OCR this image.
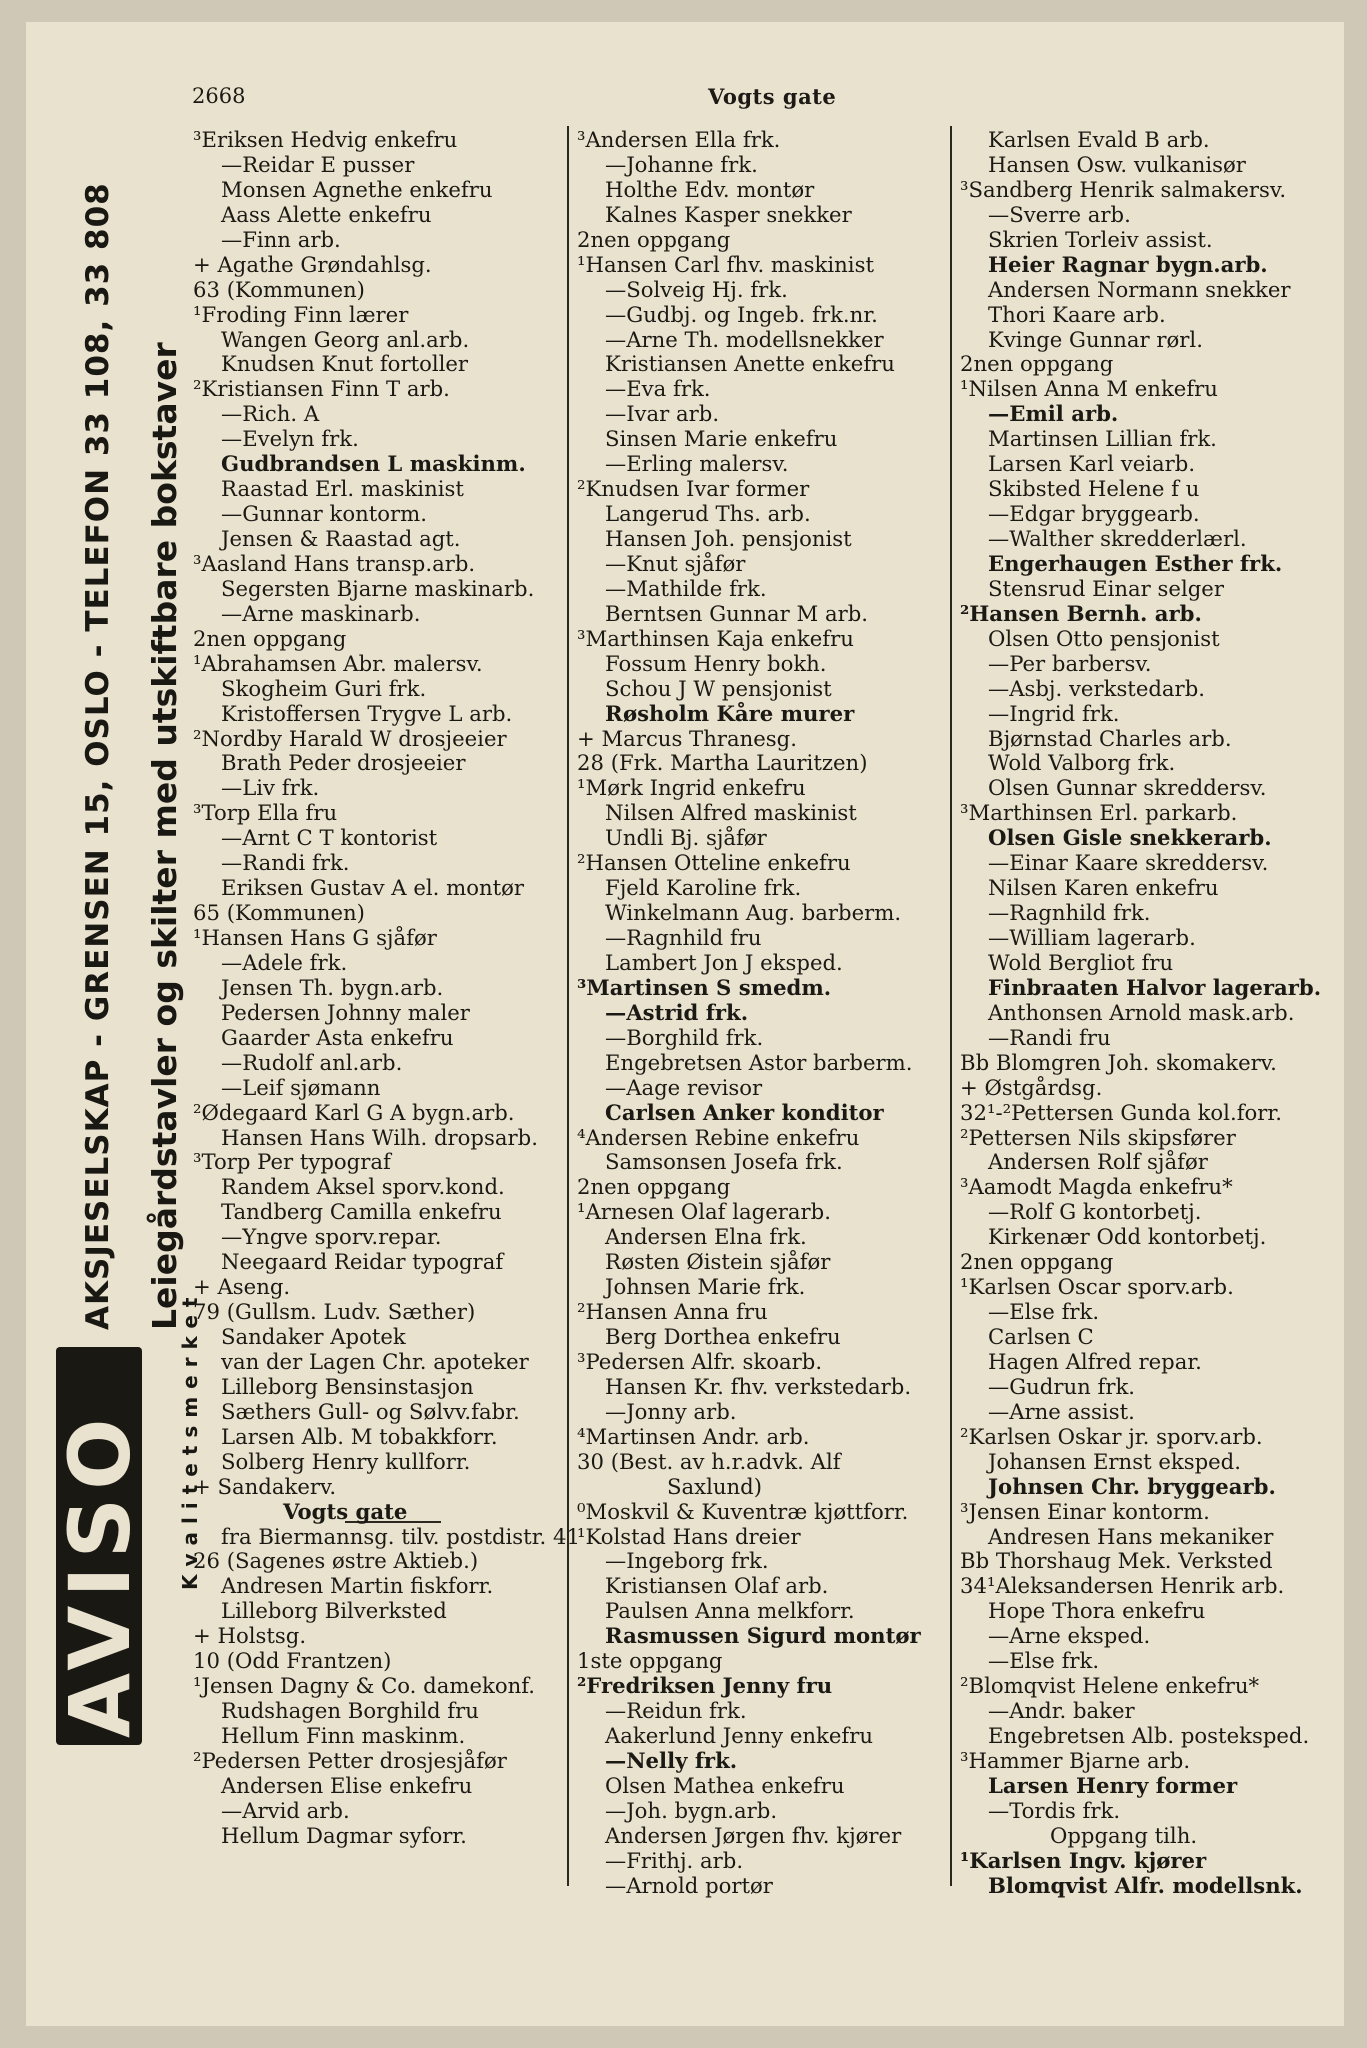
2668	Vogts gate
AKSJESELSKAP - GRENSEN 15, OSLO - TELEFON 33 108, 33 808 Leiegårdstavler og skilter med utskiftbare bokstaver
Kvalitetsmerket
AVISO
³Eriksen Hedvig enkefru
—Reidar E pusser
Monsen Agnethe enkefru
Aass Alette enkefru
—Finn arb.
+ Agathe Grøndahlsg.
63 (Kommunen)
¹Froding Finn lærer
Wangen Georg anl.arb.
Knudsen Knut fortoller
²Kristiansen Finn T arb.
—Rich. A
—Evelyn frk.
Gudbrandsen L maskinm.
Raastad Erl. maskinist
—Gunnar kontorm.
Jensen & Raastad agt.
³Aasland Hans transp.arb.
Segersten Bjarne maskinarb.
—Arne maskinarb.
2nen oppgang
¹Abrahamsen Abr. malersv.
Skogheim Guri frk.
Kristoffersen Trygve L arb.
²Nordby Harald W drosjeeier
Brath Peder drosjeeier
—Liv frk.
³Torp Ella fru
—Arnt C T kontorist
—Randi frk.
Eriksen Gustav A el. montør
65 (Kommunen)
¹Hansen Hans G sjåfør
—Adele frk.
Jensen Th. bygn.arb.
Pedersen Johnny maler
Gaarder Asta enkefru
—Rudolf anl.arb.
—Leif sjømann
²Ødegaard Karl G A bygn.arb.
Hansen Hans Wilh. dropsarb.
³Torp Per typograf
Randem Aksel sporv.kond.
Tandberg Camilla enkefru
—Yngve sporv.repar.
Neegaard Reidar typograf
+ Aseng.
79 (Gullsm. Ludv. Sæther)
Sandaker Apotek
van der Lagen Chr. apoteker
Lilleborg Bensinstasjon
Sæthers Gull- og Sølvv.fabr.
Larsen Alb. M tobakkforr.
Solberg Henry kullforr.
+ Sandakerv.
Vogts gate
fra Biermannsg. tilv. postdistr. 41
26 (Sagenes østre Aktieb.)
Andresen Martin fiskforr.
Lilleborg Bilverksted
+ Holstsg.
10 (Odd Frantzen)
¹Jensen Dagny & Co. damekonf.
Rudshagen Borghild fru
Hellum Finn maskinm.
²Pedersen Petter drosjesjåfør
Andersen Elise enkefru
—Arvid arb.
Hellum Dagmar syforr.
³Andersen Ella frk.
—Johanne frk.
Holthe Edv. montør
Kalnes Kasper snekker
2nen oppgang
¹Hansen Carl fhv. maskinist
—Solveig Hj. frk.
—Gudbj. og Ingeb. frk.nr.
—Arne Th. modellsnekker
Kristiansen Anette enkefru
—Eva frk.
—Ivar arb.
Sinsen Marie enkefru
—Erling malersv.
²Knudsen Ivar former
Langerud Ths. arb.
Hansen Joh. pensjonist
—Knut sjåfør
—Mathilde frk.
Berntsen Gunnar M arb.
³Marthinsen Kaja enkefru
Fossum Henry bokh.
Schou J W pensjonist
Røsholm Kåre murer
+ Marcus Thranesg.
28 (Frk. Martha Lauritzen)
¹Mørk Ingrid enkefru
Nilsen Alfred maskinist
Undli Bj. sjåfør
²Hansen Otteline enkefru
Fjeld Karoline frk.
Winkelmann Aug. barberm.
—Ragnhild fru
Lambert Jon J eksped.
³Martinsen S smedm.
—Astrid frk.
—Borghild frk.
Engebretsen Astor barberm.
—Aage revisor
Carlsen Anker konditor
⁴Andersen Rebine enkefru
Samsonsen Josefa frk.
2nen oppgang
¹Arnesen Olaf lagerarb.
Andersen Elna frk.
Røsten Øistein sjåfør
Johnsen Marie frk.
²Hansen Anna fru
Berg Dorthea enkefru
³Pedersen Alfr. skoarb.
Hansen Kr. fhv. verkstedarb.
—Jonny arb.
⁴Martinsen Andr. arb.
30 (Best. av h.r.advk. Alf
Saxlund)
⁰Moskvil & Kuventræ kjøttforr.
¹Kolstad Hans dreier
—Ingeborg frk.
Kristiansen Olaf arb.
Paulsen Anna melkforr.
Rasmussen Sigurd montør
1ste oppgang
²Fredriksen Jenny fru
—Reidun frk.
Aakerlund Jenny enkefru
—Nelly frk.
Olsen Mathea enkefru
—Joh. bygn.arb.
Andersen Jørgen fhv. kjører
—Frithj. arb.
—Arnold portør
Karlsen Evald B arb.
Hansen Osw. vulkanisør
³Sandberg Henrik salmakersv.
—Sverre arb.
Skrien Torleiv assist.
Heier Ragnar bygn.arb.
Andersen Normann snekker
Thori Kaare arb.
Kvinge Gunnar rørl.
2nen oppgang
¹Nilsen Anna M enkefru
—Emil arb.
Martinsen Lillian frk.
Larsen Karl veiarb.
Skibsted Helene f u
—Edgar bryggearb.
—Walther skredderlærl.
Engerhaugen Esther frk.
Stensrud Einar selger
²Hansen Bernh. arb.
Olsen Otto pensjonist
—Per barbersv.
—Asbj. verkstedarb.
—Ingrid frk.
Bjørnstad Charles arb.
Wold Valborg frk.
Olsen Gunnar skreddersv.
³Marthinsen Erl. parkarb.
Olsen Gisle snekkerarb.
—Einar Kaare skreddersv.
Nilsen Karen enkefru
—Ragnhild frk.
—William lagerarb.
Wold Bergliot fru
Finbraaten Halvor lagerarb.
Anthonsen Arnold mask.arb.
—Randi fru
Bb Blomgren Joh. skomakerv.
+ Østgårdsg.
32¹-²Pettersen Gunda kol.forr.
²Pettersen Nils skipsfører
Andersen Rolf sjåfør
³Aamodt Magda enkefru*
—Rolf G kontorbetj.
Kirkenær Odd kontorbetj.
2nen oppgang
¹Karlsen Oscar sporv.arb.
—Else frk.
Carlsen C
Hagen Alfred repar.
—Gudrun frk.
—Arne assist.
²Karlsen Oskar jr. sporv.arb.
Johansen Ernst eksped.
Johnsen Chr. bryggearb.
³Jensen Einar kontorm.
Andresen Hans mekaniker
Bb Thorshaug Mek. Verksted
34¹Aleksandersen Henrik arb.
Hope Thora enkefru
—Arne eksped.
—Else frk.
²Blomqvist Helene enkefru*
—Andr. baker
Engebretsen Alb. posteksped.
³Hammer Bjarne arb.
Larsen Henry former
—Tordis frk.
Oppgang tilh.
¹Karlsen Ingv. kjører
Blomqvist Alfr. modellsnk.
